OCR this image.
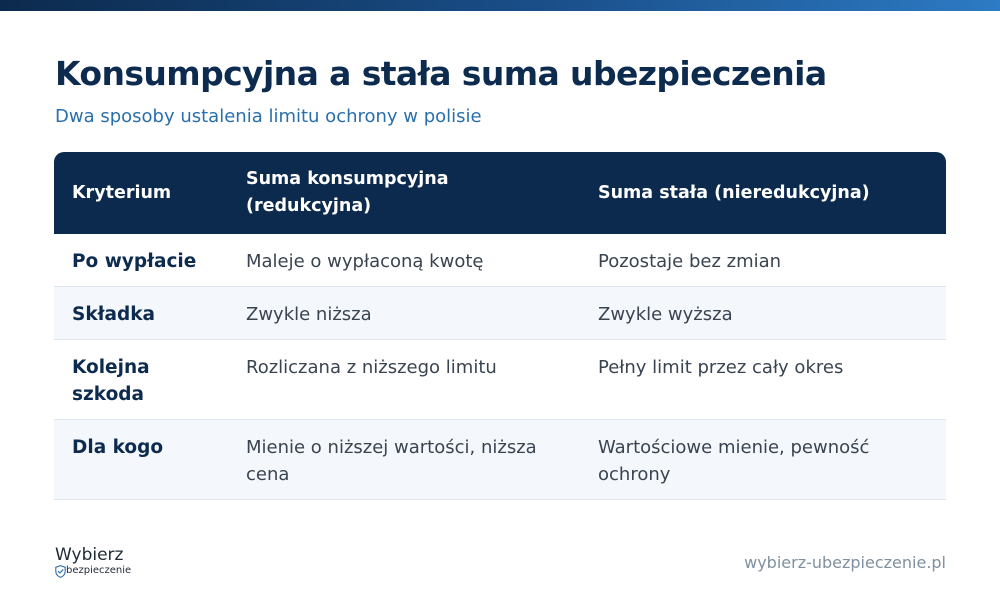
Konsumpcyjna a stała suma ubezpieczenia
Dwa sposoby ustalenia limitu ochrony w polisie
Kryterium	Suma konsumpcyjna (redukcyjna)	Suma stała (nieredukcyjna)
Po wypłacie	Maleje o wypłaconą kwotę	Pozostaje bez zmian
Składka	Zwykle niższa	Zwykle wyższa
Kolejna szkoda	Rozliczana z niższego limitu	Pełny limit przez cały okres
Dla kogo	Mienie o niższej wartości, niższa cena	Wartościowe mienie, pewność ochrony
Wybierz
bezpieczenie	wybierz-ubezpieczenie.pl
